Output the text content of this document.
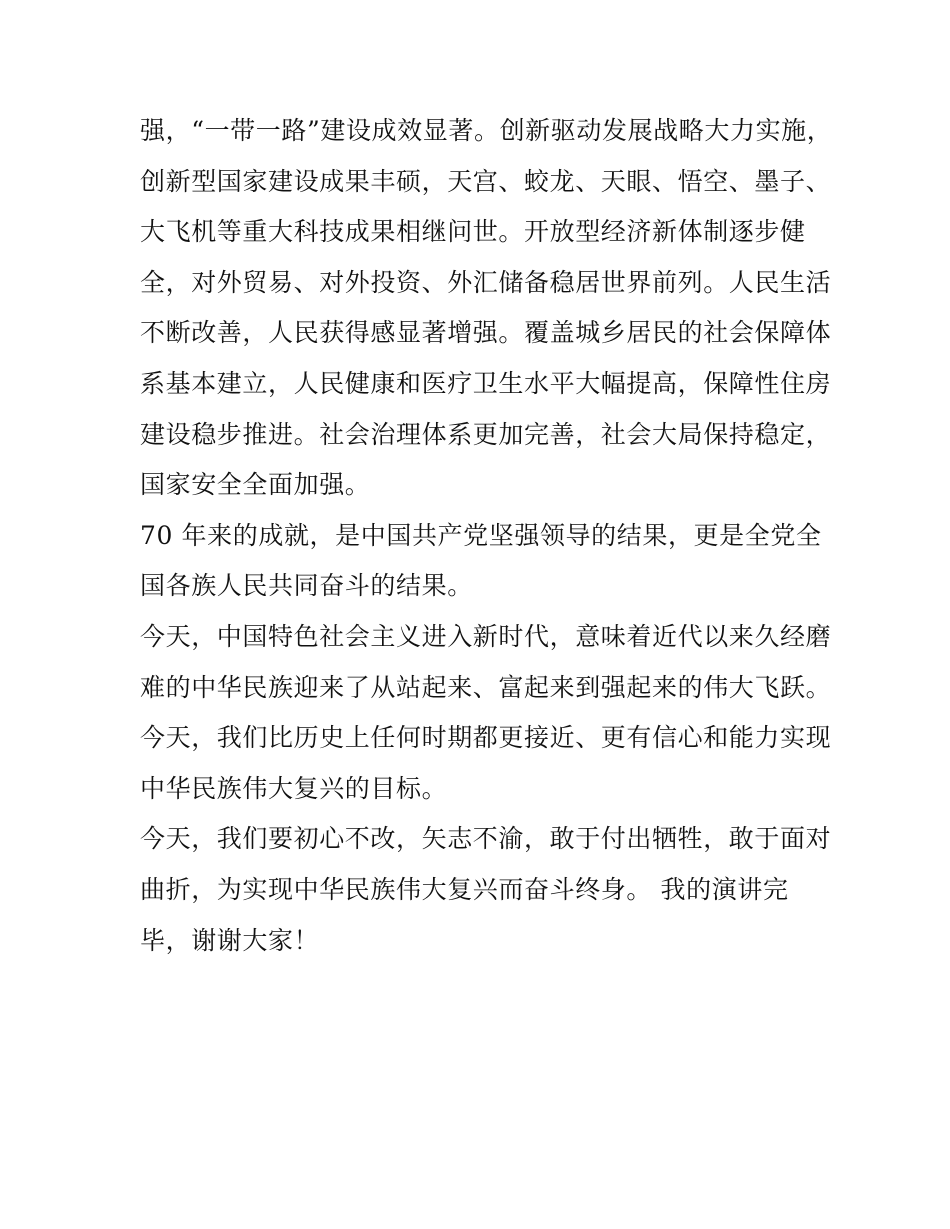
强，“一带一路”建设成效显著。创新驱动发展战略大力实施，
创新型国家建设成果丰硕，天宫、蛟龙、天眼、悟空、墨子、
大飞机等重大科技成果相继问世。开放型经济新体制逐步健
全，对外贸易、对外投资、外汇储备稳居世界前列。人民生活
不断改善，人民获得感显著增强。覆盖城乡居民的社会保障体
系基本建立，人民健康和医疗卫生水平大幅提高，保障性住房
建设稳步推进。社会治理体系更加完善，社会大局保持稳定，
国家安全全面加强。
70 年来的成就，是中国共产党坚强领导的结果，更是全党全
国各族人民共同奋斗的结果。
今天，中国特色社会主义进入新时代，意味着近代以来久经磨
难的中华民族迎来了从站起来、富起来到强起来的伟大飞跃。
今天，我们比历史上任何时期都更接近、更有信心和能力实现
中华民族伟大复兴的目标。
今天，我们要初心不改，矢志不渝，敢于付出牺牲，敢于面对
曲折，为实现中华民族伟大复兴而奋斗终身。 我的演讲完
毕，谢谢大家！
